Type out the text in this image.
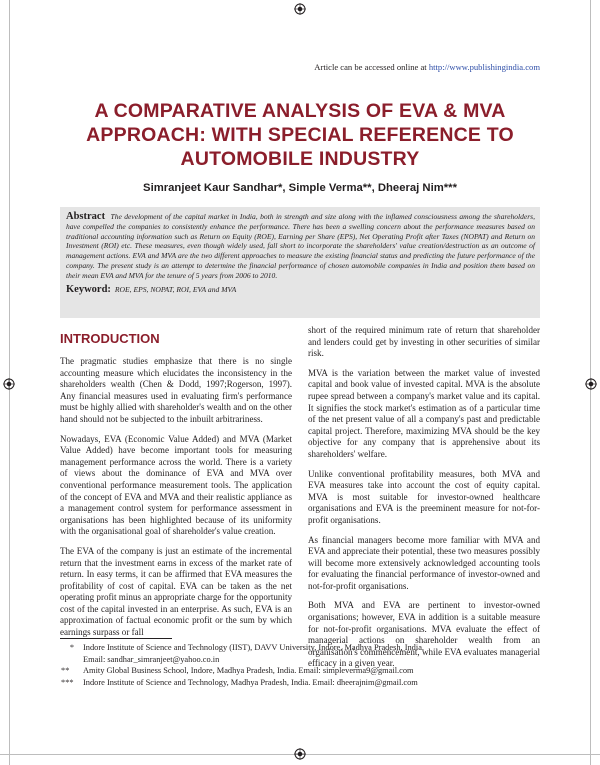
Article can be accessed online at http://www.publishingindia.com
A COMPARATIVE ANALYSIS OF EVA & MVA APPROACH: WITH SPECIAL REFERENCE TO AUTOMOBILE INDUSTRY
Simranjeet Kaur Sandhar*, Simple Verma**, Dheeraj Nim***

Abstract The development of the capital market in India, both in strength and size along with the inflamed consciousness among the shareholders, have compelled the companies to consistently enhance the performance. There has been a swelling concern about the performance measures based on traditional accounting information such as Return on Equity (ROE), Earning per Share (EPS), Net Operating Profit after Taxes (NOPAT) and Return on Investment (ROI) etc. These measures, even though widely used, fall short to incorporate the shareholders' value creation/destruction as an outcome of management actions. EVA and MVA are the two different approaches to measure the existing financial status and predicting the future performance of the company. The present study is an attempt to determine the financial performance of chosen automobile companies in India and position them based on their mean EVA and MVA for the tenure of 5 years from 2006 to 2010.

Keyword: ROE, EPS, NOPAT, ROI, EVA and MVA
INTRODUCTION

The pragmatic studies emphasize that there is no single accounting measure which elucidates the inconsistency in the shareholders wealth (Chen & Dodd, 1997;Rogerson, 1997). Any financial measures used in evaluating firm's performance must be highly allied with shareholder's wealth and on the other hand should not be subjected to the inbuilt arbitrariness.

Nowadays, EVA (Economic Value Added) and MVA (Market Value Added) have become important tools for measuring management performance across the world. There is a variety of views about the dominance of EVA and MVA over conventional performance measurement tools. The application of the concept of EVA and MVA and their realistic appliance as a management control system for performance assessment in organisations has been highlighted because of its uniformity with the organisational goal of shareholder's value creation.

The EVA of the company is just an estimate of the incremental return that the investment earns in excess of the market rate of return. In easy terms, it can be affirmed that EVA measures the profitability of cost of capital. EVA can be taken as the net operating profit minus an appropriate charge for the opportunity cost of the capital invested in an enterprise. As such, EVA is an approximation of factual economic profit or the sum by which earnings surpass or fall

short of the required minimum rate of return that shareholder and lenders could get by investing in other securities of similar risk.

MVA is the variation between the market value of invested capital and book value of invested capital. MVA is the absolute rupee spread between a company's market value and its capital. It signifies the stock market's estimation as of a particular time of the net present value of all a company's past and predictable capital project. Therefore, maximizing MVA should be the key objective for any company that is apprehensive about its shareholders' welfare.

Unlike conventional profitability measures, both MVA and EVA measures take into account the cost of equity capital. MVA is most suitable for investor-owned healthcare organisations and EVA is the preeminent measure for not-for-profit organisations.

As financial managers become more familiar with MVA and EVA and appreciate their potential, these two measures possibly will become more extensively acknowledged accounting tools for evaluating the financial performance of investor-owned and not-for-profit organisations.

Both MVA and EVA are pertinent to investor-owned organisations; however, EVA in addition is a suitable measure for not-for-profit organisations. MVA evaluate the effect of managerial actions on shareholder wealth from an organisation's commencement, while EVA evaluates managerial efficacy in a given year.

*	Indore Institute of Science and Technology (IIST), DAVV University, Indore, Madhya Pradesh, India.
Email: sandhar_simranjeet@yahoo.co.in
**	Amity Global Business School, Indore, Madhya Pradesh, India. Email: simpleverma9@gmail.com
***	Indore Institute of Science and Technology, Madhya Pradesh, India. Email: dheerajnim@gmail.com
